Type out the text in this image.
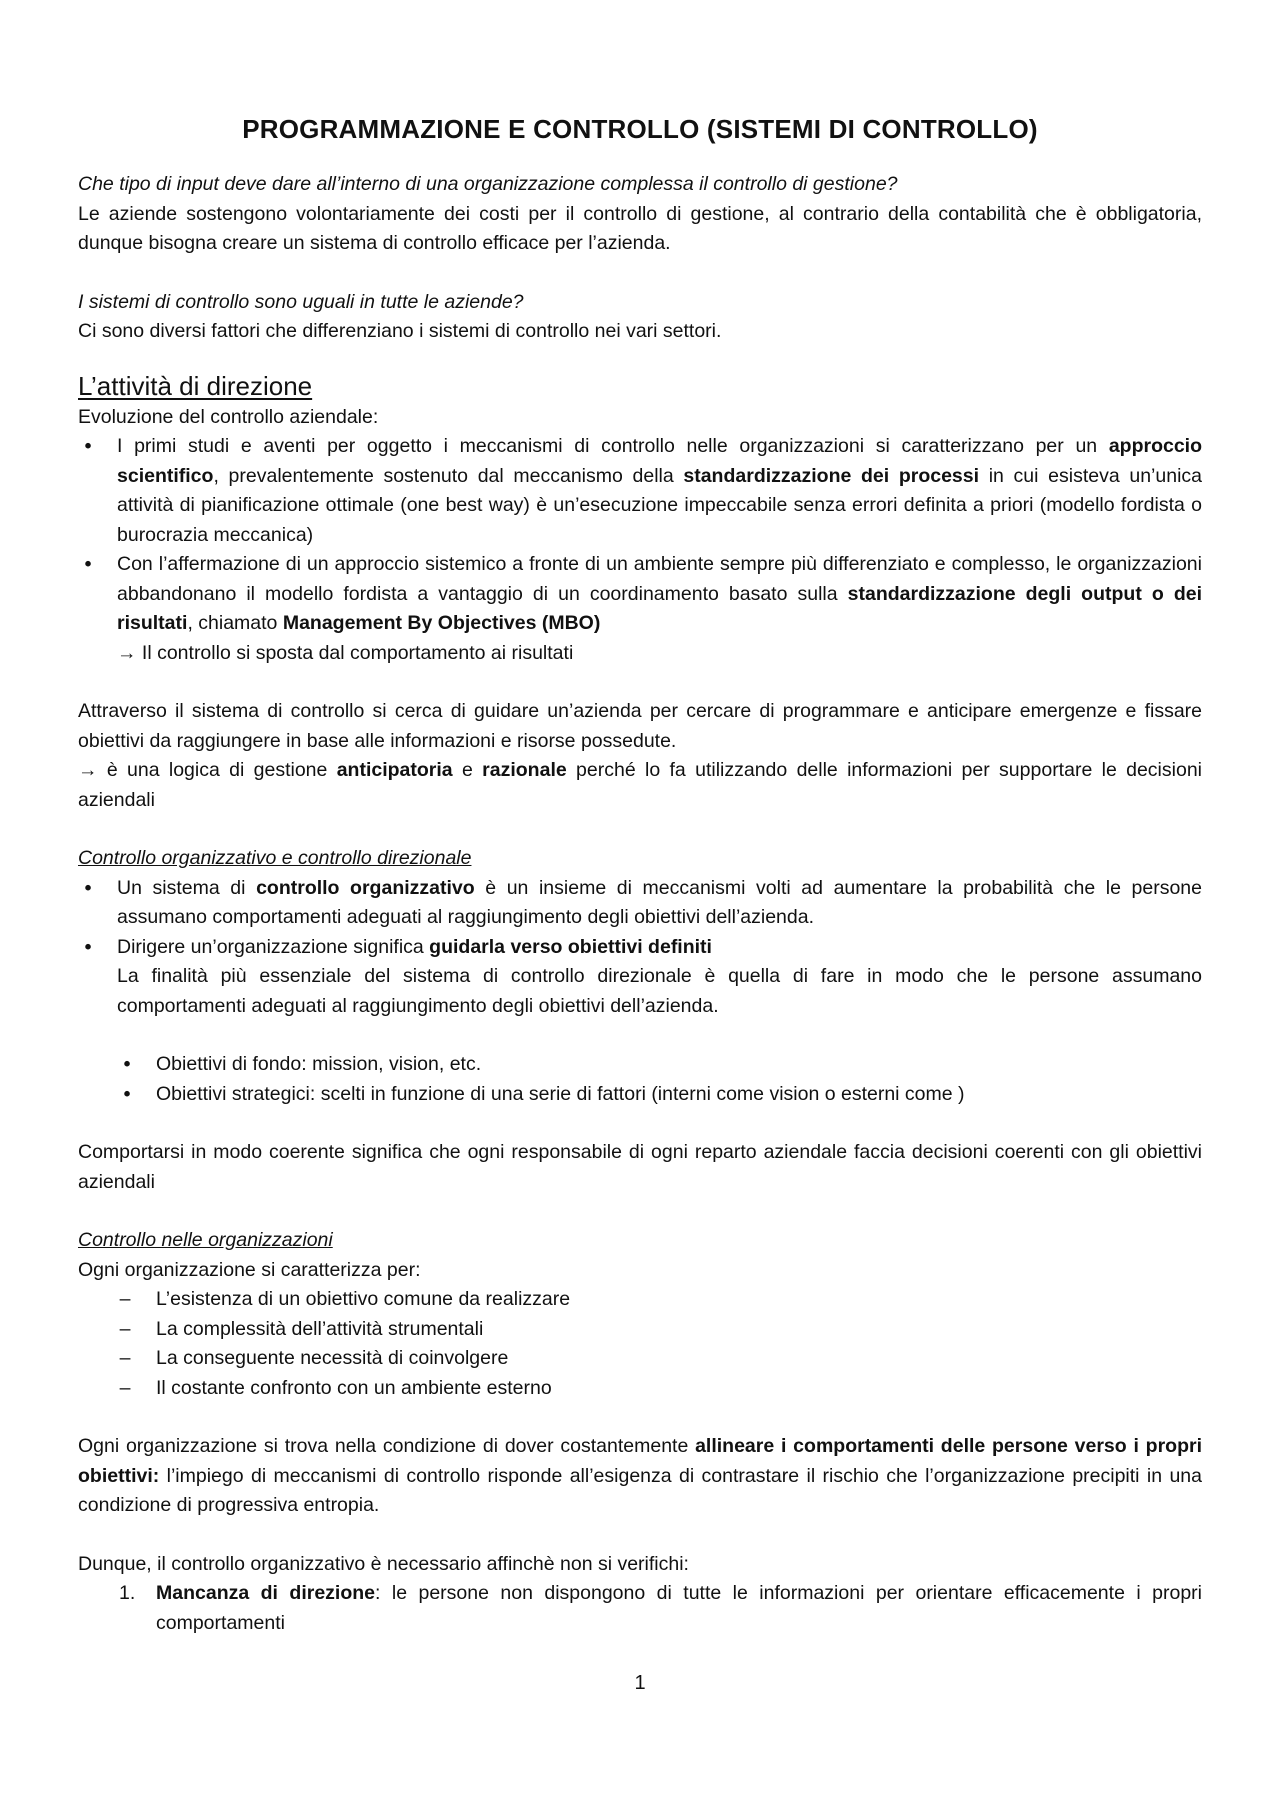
PROGRAMMAZIONE E CONTROLLO (SISTEMI DI CONTROLLO)

Che tipo di input deve dare all’interno di una organizzazione complessa il controllo di gestione?

Le aziende sostengono volontariamente dei costi per il controllo di gestione, al contrario della contabilità che è obbligatoria, dunque bisogna creare un sistema di controllo efficace per l’azienda.

I sistemi di controllo sono uguali in tutte le aziende?

Ci sono diversi fattori che differenziano i sistemi di controllo nei vari settori.

L’attività di direzione

Evoluzione del controllo aziendale:

•	I primi studi e aventi per oggetto i meccanismi di controllo nelle organizzazioni si caratterizzano per un approccio scientifico, prevalentemente sostenuto dal meccanismo della standardizzazione dei processi in cui esisteva un’unica attività di pianificazione ottimale (one best way) è un’esecuzione impeccabile senza errori definita a priori (modello fordista o burocrazia meccanica)
•	Con l’affermazione di un approccio sistemico a fronte di un ambiente sempre più differenziato e complesso, le organizzazioni abbandonano il modello fordista a vantaggio di un coordinamento basato sulla standardizzazione degli output o dei risultati, chiamato Management By Objectives (MBO)
→ Il controllo si sposta dal comportamento ai risultati

Attraverso il sistema di controllo si cerca di guidare un’azienda per cercare di programmare e anticipare emergenze e fissare obiettivi da raggiungere in base alle informazioni e risorse possedute.

→ è una logica di gestione anticipatoria e razionale perché lo fa utilizzando delle informazioni per supportare le decisioni aziendali

Controllo organizzativo e controllo direzionale

•	Un sistema di controllo organizzativo è un insieme di meccanismi volti ad aumentare la probabilità che le persone assumano comportamenti adeguati al raggiungimento degli obiettivi dell’azienda.
•	Dirigere un’organizzazione significa guidarla verso obiettivi definiti
La finalità più essenziale del sistema di controllo direzionale è quella di fare in modo che le persone assumano comportamenti adeguati al raggiungimento degli obiettivi dell’azienda.
•	Obiettivi di fondo: mission, vision, etc.
•	Obiettivi strategici: scelti in funzione di una serie di fattori (interni come vision o esterni come )

Comportarsi in modo coerente significa che ogni responsabile di ogni reparto aziendale faccia decisioni coerenti con gli obiettivi aziendali

Controllo nelle organizzazioni

Ogni organizzazione si caratterizza per:

– L’esistenza di un obiettivo comune da realizzare
– La complessità dell’attività strumentali
– La conseguente necessità di coinvolgere
– Il costante confronto con un ambiente esterno

Ogni organizzazione si trova nella condizione di dover costantemente allineare i comportamenti delle persone verso i propri obiettivi: l’impiego di meccanismi di controllo risponde all’esigenza di contrastare il rischio che l’organizzazione precipiti in una condizione di progressiva entropia.

Dunque, il controllo organizzativo è necessario affinchè non si verifichi:

1. Mancanza di direzione: le persone non dispongono di tutte le informazioni per orientare efficacemente i propri comportamenti
1
